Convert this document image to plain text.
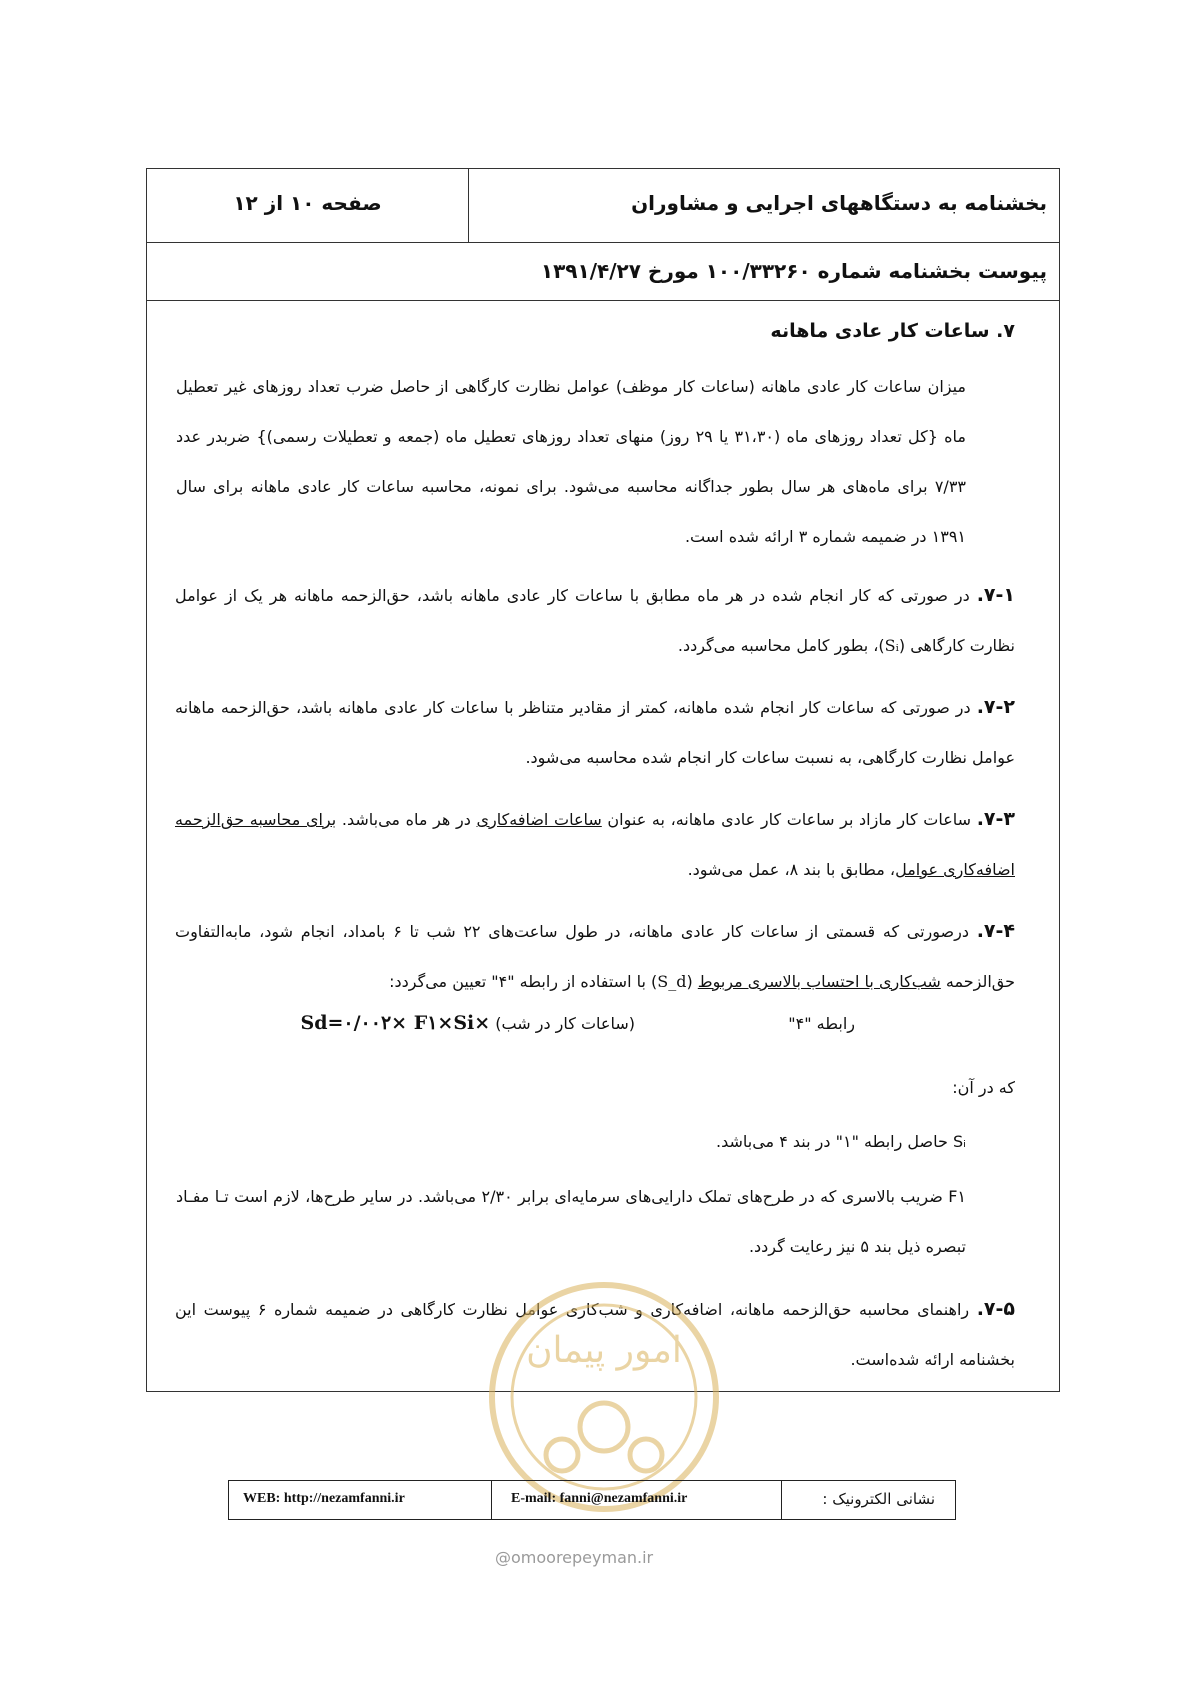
بخشنامه به دستگاههای اجرایی و مشاوران
صفحه ۱۰ از ۱۲
پیوست بخشنامه شماره ۱۰۰/۳۳۲۶۰ مورخ ۱۳۹۱/۴/۲۷
۷. ساعات کار عادی ماهانه
میزان ساعات کار عادی ماهانه (ساعات کار موظف) عوامل نظارت کارگاهی از حاصل ضرب تعداد روزهای غیر تعطیل ماه {کل تعداد روزهای ماه (۳۱،۳۰ یا ۲۹ روز) منهای تعداد روزهای تعطیل ماه (جمعه و تعطیلات رسمی)} ضربدر عدد ۷/۳۳ برای ماه‌های هر سال بطور جداگانه محاسبه می‌شود. برای نمونه، محاسبه ساعات کار عادی ماهانه برای سال ۱۳۹۱ در ضمیمه شماره ۳ ارائه شده است.
۷-۱. در صورتی که کار انجام شده در هر ماه مطابق با ساعات کار عادی ماهانه باشد، حق‌الزحمه ماهانه هر یک از عوامل نظارت کارگاهی (Sᵢ)، بطور کامل محاسبه می‌گردد.
۷-۲. در صورتی که ساعات کار انجام شده ماهانه، کمتر از مقادیر متناظر با ساعات کار عادی ماهانه باشد، حق‌الزحمه ماهانه عوامل نظارت کارگاهی، به نسبت ساعات کار انجام شده محاسبه می‌شود.
۷-۳. ساعات کار مازاد بر ساعات کار عادی ماهانه، به عنوان ساعات اضافه‌کاری در هر ماه می‌باشد. برای محاسبه حق‌الزحمه اضافه‌کاری عوامل، مطابق با بند ۸، عمل می‌شود.
۷-۴. درصورتی که قسمتی از ساعات کار عادی ماهانه، در طول ساعت‌های ۲۲ شب تا ۶ بامداد، انجام شود، مابه‌التفاوت حق‌الزحمه شب‌کاری با احتساب بالاسری مربوط (S_d) با استفاده از رابطه "۴" تعیین می‌گردد:
رابطه "۴"
Sd=۰/۰۰۲× F۱×Si× (ساعات کار در شب)
که در آن:
Sᵢ حاصل رابطه "۱" در بند ۴ می‌باشد.
F۱ ضریب بالاسری که در طرح‌های تملک دارایی‌های سرمایه‌ای برابر ۲/۳۰ می‌باشد. در سایر طرح‌ها، لازم است تـا مفـاد تبصره ذیل بند ۵ نیز رعایت گردد.
۷-۵. راهنمای محاسبه حق‌الزحمه ماهانه، اضافه‌کاری و شب‌کاری عوامل نظارت کارگاهی در ضمیمه شماره ۶ پیوست این بخشنامه ارائه شده‌است.
امور پیمان
WEB: http://nezamfanni.ir	E-mail: fanni@nezamfanni.ir	نشانی الکترونیک :
@omoorepeyman.ir
